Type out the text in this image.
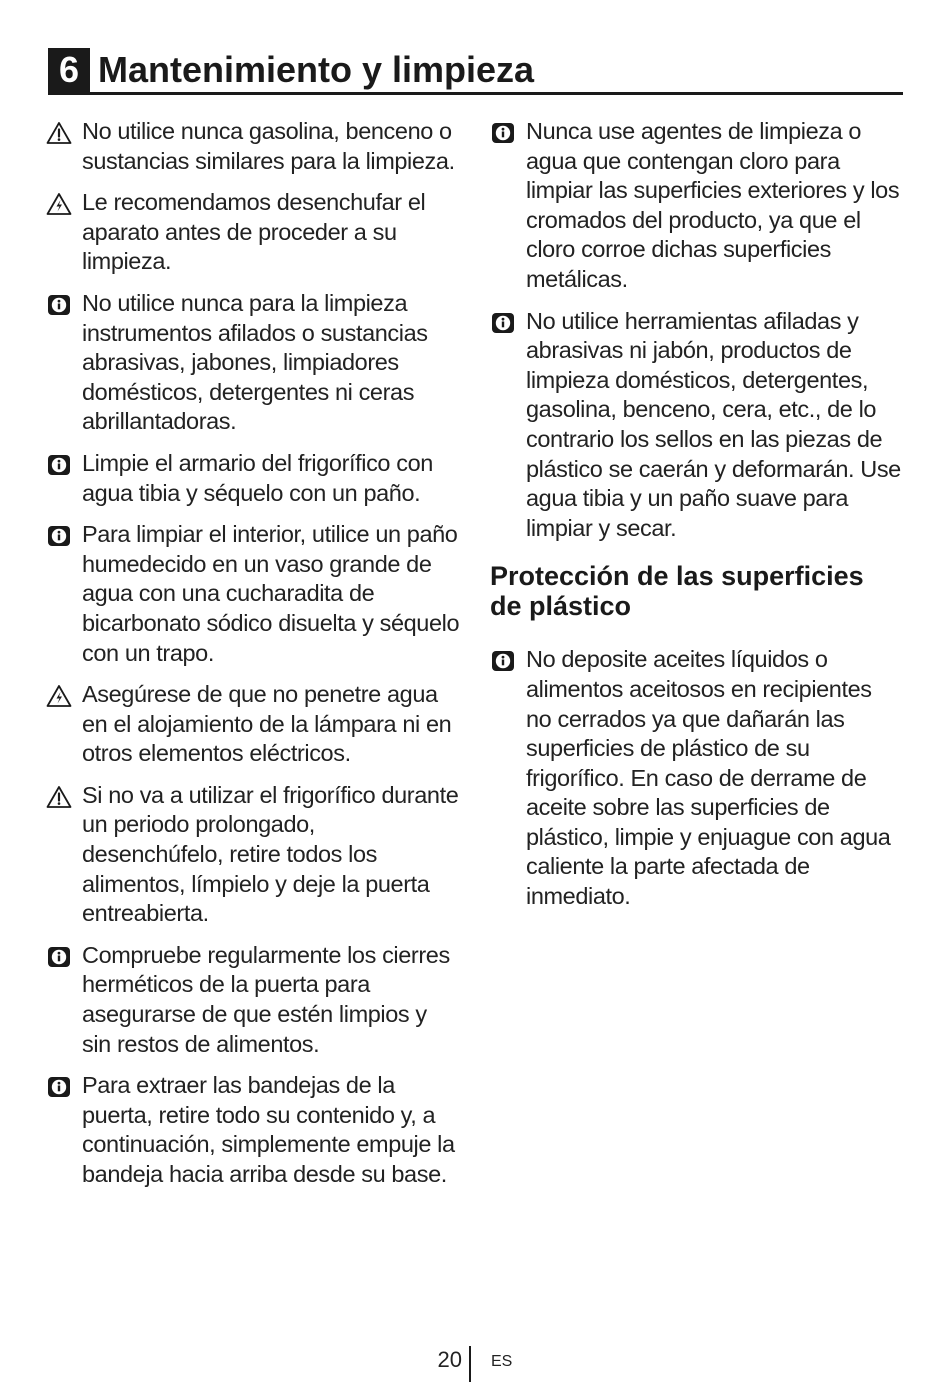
6 Mantenimiento y limpieza
No utilice nunca gasolina, benceno o sustancias similares para la limpieza.
Le recomendamos desenchufar el aparato antes de proceder a su limpieza.
No utilice nunca para la limpieza instrumentos afilados o sustancias abrasivas, jabones, limpiadores domésticos, detergentes ni ceras abrillantadoras.
Limpie el armario del frigorífico con agua tibia y séquelo con un paño.
Para limpiar el interior, utilice un paño humedecido en un vaso grande de agua con una cucharadita de bicarbonato sódico disuelta y séquelo con un trapo.
Asegúrese de que no penetre agua en el alojamiento de la lámpara ni en otros elementos eléctricos.
Si no va a utilizar el frigorífico durante un periodo prolongado, desenchúfelo, retire todos los alimentos, límpielo y deje la puerta entreabierta.
Compruebe regularmente los cierres herméticos de la puerta para asegurarse de que estén limpios y sin restos de alimentos.
Para extraer las bandejas de la puerta, retire todo su contenido y, a continuación, simplemente empuje la bandeja hacia arriba desde su base.
Nunca use agentes de limpieza o agua que contengan cloro para limpiar las superficies exteriores y los cromados del producto, ya que el cloro corroe dichas superficies metálicas.
No utilice herramientas afiladas y abrasivas ni jabón, productos de limpieza domésticos, detergentes, gasolina, benceno, cera, etc., de lo contrario los sellos en las piezas de plástico se caerán y deformarán. Use agua tibia y un paño suave para limpiar y secar.
Protección de las superficies de plástico
No deposite aceites líquidos o alimentos aceitosos en recipientes no cerrados ya que dañarán las superficies de plástico de su frigorífico. En caso de derrame de aceite sobre las superficies de plástico, limpie y enjuague con agua caliente la parte afectada de inmediato.
20 ES
